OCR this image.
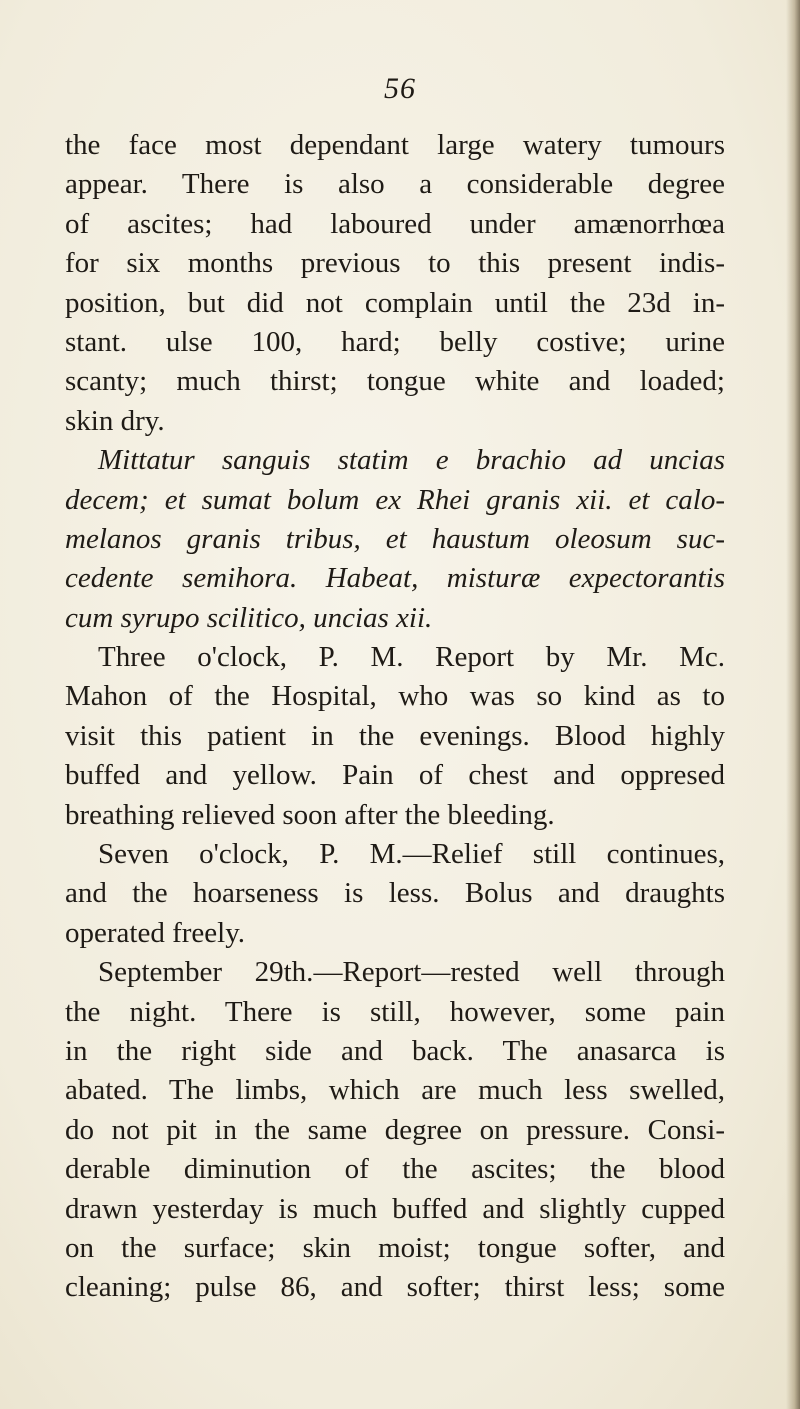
56
the face most dependant large watery tumours
appear. There is also a considerable degree
of ascites; had laboured under amænorrhœa
for six months previous to this present indis-
position, but did not complain until the 23d in-
stant. ulse 100, hard; belly costive; urine
scanty; much thirst; tongue white and loaded;
skin dry.
Mittatur sanguis statim e brachio ad uncias
decem; et sumat bolum ex Rhei granis xii. et calo-
melanos granis tribus, et haustum oleosum suc-
cedente semihora. Habeat, misturæ expectorantis
cum syrupo scilitico, uncias xii.
Three o'clock, P. M. Report by Mr. Mc.
Mahon of the Hospital, who was so kind as to
visit this patient in the evenings. Blood highly
buffed and yellow. Pain of chest and oppresed
breathing relieved soon after the bleeding.
Seven o'clock, P. M.—Relief still continues,
and the hoarseness is less. Bolus and draughts
operated freely.
September 29th.—Report—rested well through
the night. There is still, however, some pain
in the right side and back. The anasarca is
abated. The limbs, which are much less swelled,
do not pit in the same degree on pressure. Consi-
derable diminution of the ascites; the blood
drawn yesterday is much buffed and slightly cupped
on the surface; skin moist; tongue softer, and
cleaning; pulse 86, and softer; thirst less; some
